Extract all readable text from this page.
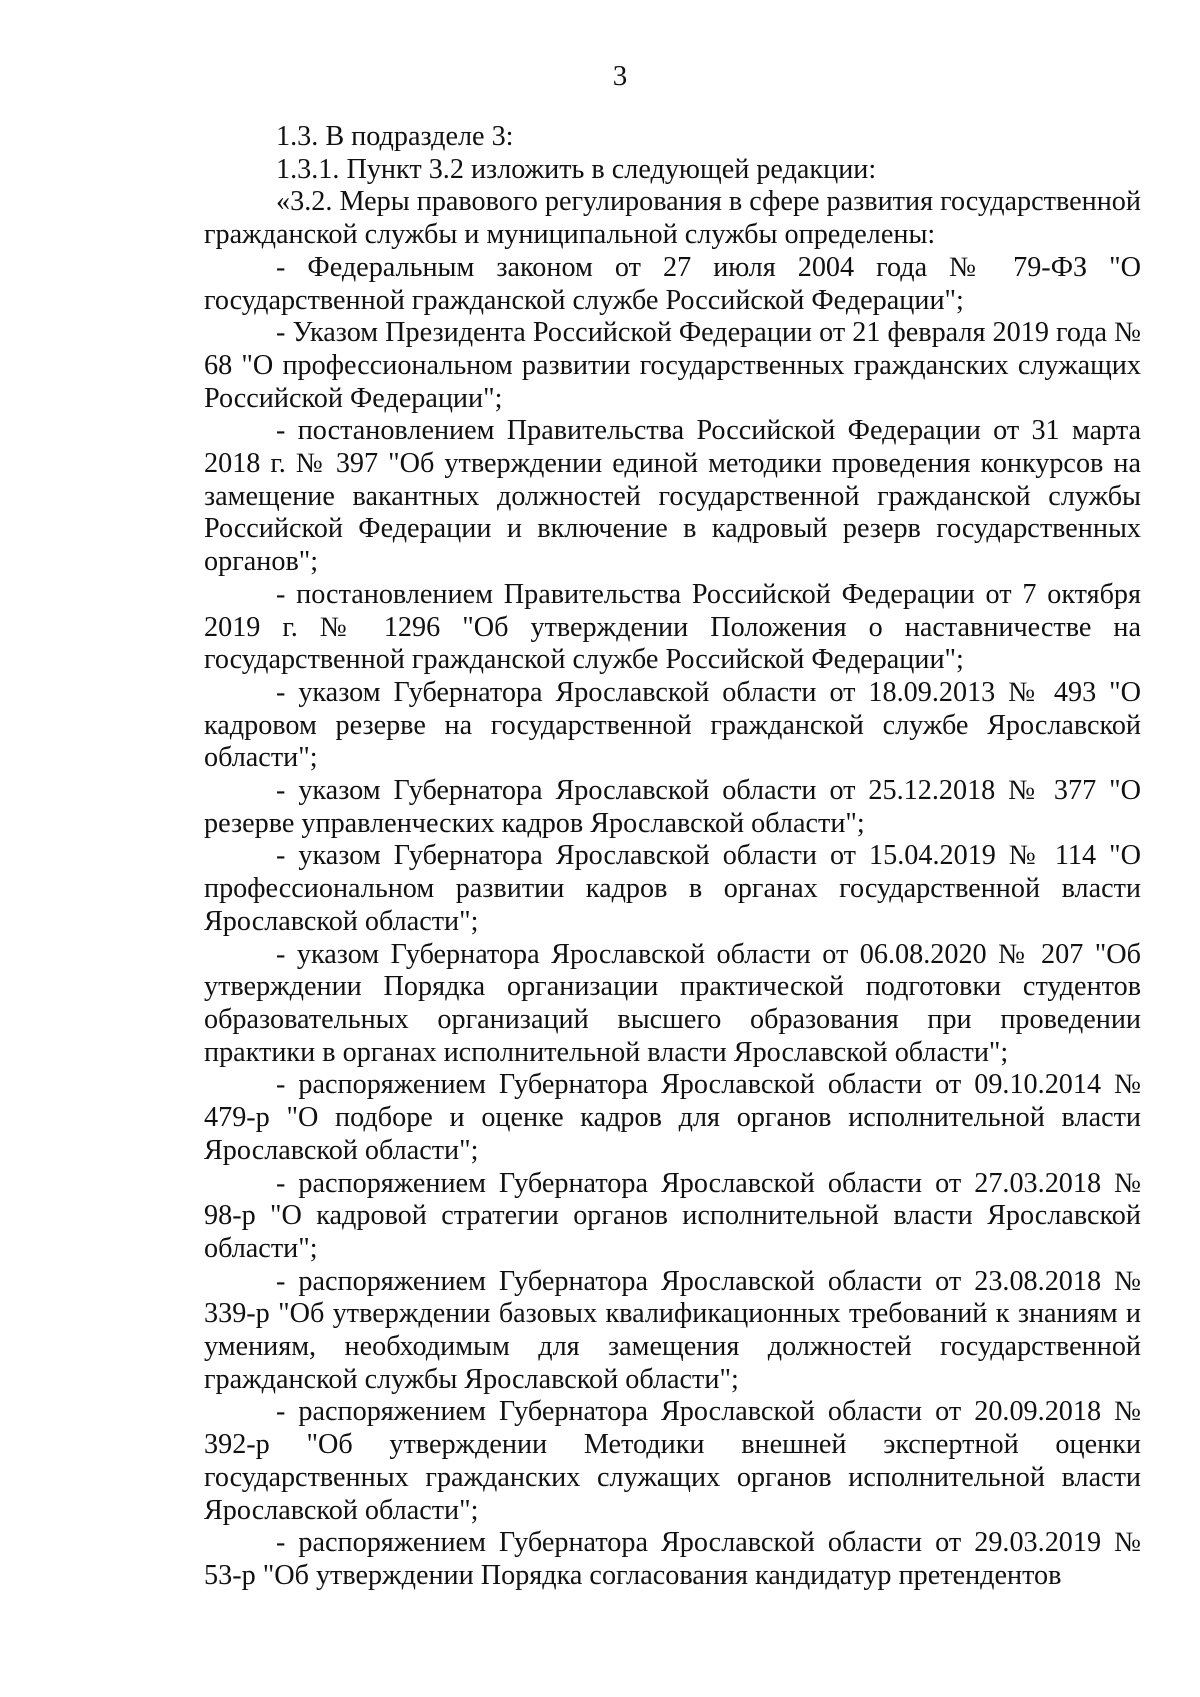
3

1.3. В подразделе 3:

1.3.1. Пункт 3.2 изложить в следующей редакции:

«3.2. Меры правового регулирования в сфере развития государственной гражданской службы и муниципальной службы определены:

- Федеральным законом от 27 июля 2004 года № 79-ФЗ "О государственной гражданской службе Российской Федерации";

- Указом Президента Российской Федерации от 21 февраля 2019 года № 68 "О профессиональном развитии государственных гражданских служащих Российской Федерации";

- постановлением Правительства Российской Федерации от 31 марта 2018 г. № 397 "Об утверждении единой методики проведения конкурсов на замещение вакантных должностей государственной гражданской службы Российской Федерации и включение в кадровый резерв государственных органов";

- постановлением Правительства Российской Федерации от 7 октября 2019 г. № 1296 "Об утверждении Положения о наставничестве на государственной гражданской службе Российской Федерации";

- указом Губернатора Ярославской области от 18.09.2013 № 493 "О кадровом резерве на государственной гражданской службе Ярославской области";

- указом Губернатора Ярославской области от 25.12.2018 № 377 "О резерве управленческих кадров Ярославской области";

- указом Губернатора Ярославской области от 15.04.2019 № 114 "О профессиональном развитии кадров в органах государственной власти Ярославской области";

- указом Губернатора Ярославской области от 06.08.2020 № 207 "Об утверждении Порядка организации практической подготовки студентов образовательных организаций высшего образования при проведении практики в органах исполнительной власти Ярославской области";

- распоряжением Губернатора Ярославской области от 09.10.2014 № 479-р "О подборе и оценке кадров для органов исполнительной власти Ярославской области";

- распоряжением Губернатора Ярославской области от 27.03.2018 № 98-р "О кадровой стратегии органов исполнительной власти Ярославской области";

- распоряжением Губернатора Ярославской области от 23.08.2018 № 339-р "Об утверждении базовых квалификационных требований к знаниям и умениям, необходимым для замещения должностей государственной гражданской службы Ярославской области";

- распоряжением Губернатора Ярославской области от 20.09.2018 № 392-р "Об утверждении Методики внешней экспертной оценки государственных гражданских служащих органов исполнительной власти Ярославской области";

- распоряжением Губернатора Ярославской области от 29.03.2019 № 53-р "Об утверждении Порядка согласования кандидатур претендентов
